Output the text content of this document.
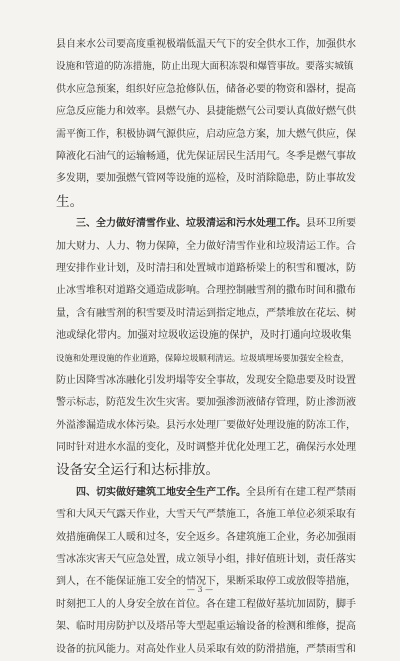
县自来水公司要高度重视极端低温天气下的安全供水工作，加强供水
设施和管道的防冻措施，防止出现大面积冻裂和爆管事故。要落实城镇
供水应急预案，组织好应急抢修队伍，储备必要的物资和器材，提高
应急反应能力和效率。县燃气办、县捷能燃气公司要认真做好燃气供
需平衡工作，积极协调气源供应，启动应急方案，加大燃气供应，保
障液化石油气的运输畅通，优先保证居民生活用气。冬季是燃气事故
多发期，要加强燃气管网等设施的巡检，及时消除隐患，防止事故发
生。
　　三、全力做好清雪作业、垃圾清运和污水处理工作。县环卫所要
加大财力、人力、物力保障，全力做好清雪作业和垃圾清运工作。合
理安排作业计划，及时清扫和处置城市道路桥梁上的积雪和覆冰，防
止冰雪堆积对道路交通造成影响。合理控制融雪剂的撒布时间和撒布
量，含有融雪剂的积雪要及时清运到指定地点，严禁堆放在花坛、树
池或绿化带内。加强对垃圾收运设施的保护，及时打通向垃圾收集
设施和处理设施的作业道路，保障垃圾顺利清运。垃圾填埋场要加强安全检查，
防止因降雪冰冻融化引发坍塌等安全事故，发现安全隐患要及时设置
警示标志，防范发生次生灾害。要加强渗沥液储存管理，防止渗沥液
外溢渗漏造成水体污染。县污水处理厂要做好处理设施的防冻工作，
同时针对进水水温的变化，及时调整并优化处理工艺，确保污水处理
设备安全运行和达标排放。
　　四、切实做好建筑工地安全生产工作。全县所有在建工程严禁雨
雪和大风天气露天作业，大雪天气严禁施工，各施工单位必须采取有
效措施确保工人暖和过冬，安全返乡。各建筑施工企业，务必加强雨
雪冰冻灾害天气应急处置，成立领导小组，排好值班计划，责任落实
到人，在不能保证施工安全的情况下，果断采取停工或放假等措施，
时刻把工人的人身安全放在首位。各在建工程做好基坑加固防，脚手
架、临时用房防护以及塔吊等大型起重运输设备的检测和维修，提高
设备的抗风能力。对高处作业人员采取有效的防滑措施，严禁雨雪和
— 3 —
